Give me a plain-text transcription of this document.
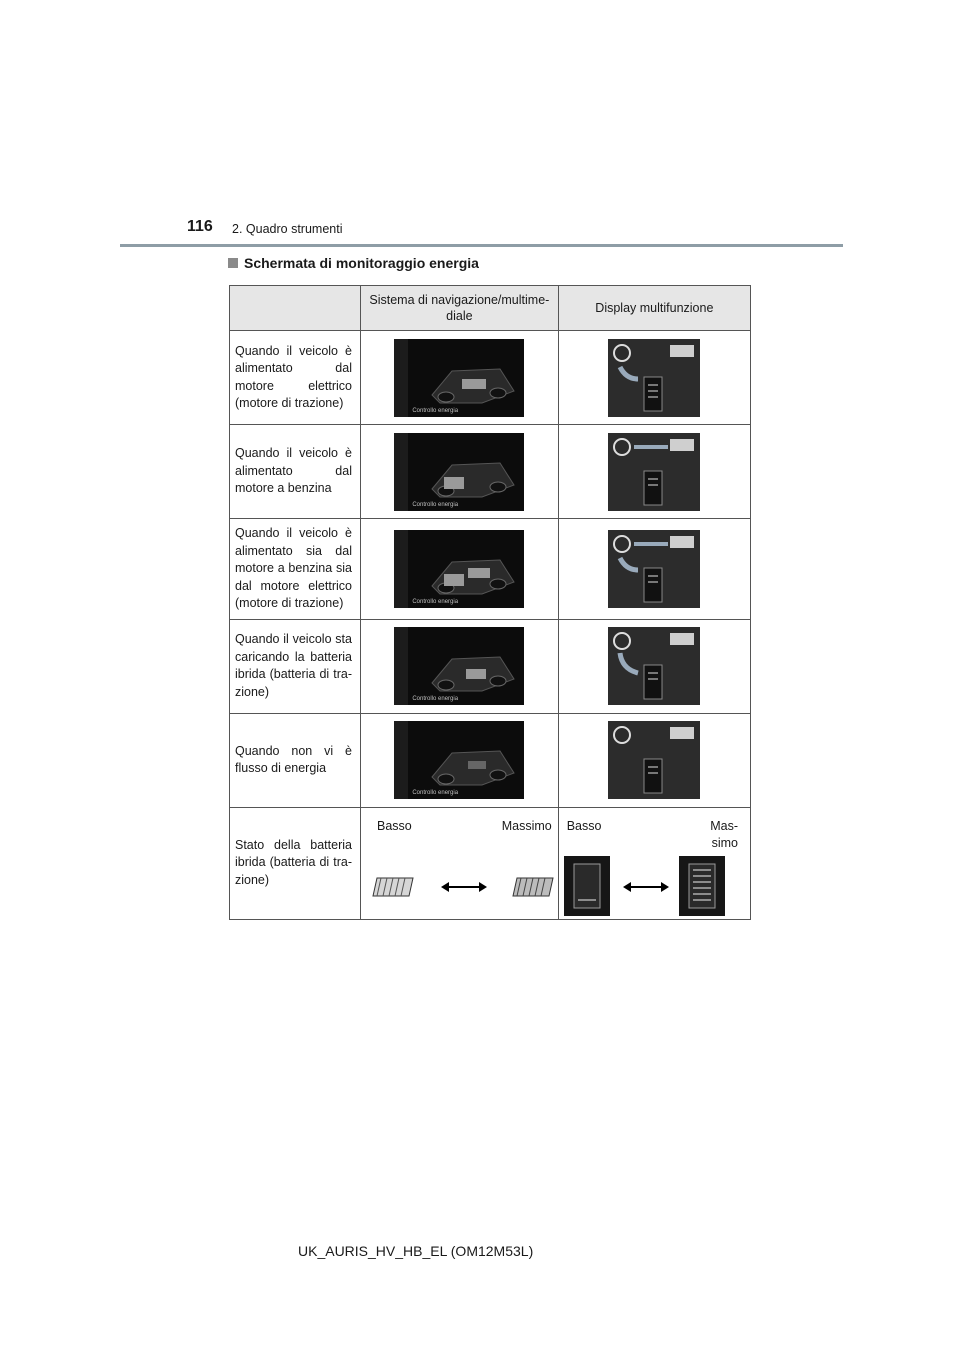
116 2. Quadro strumenti
Schermata di monitoraggio energia
	Sistema di navigazione/multime-diale	Display multifunzione
Quando il veicolo è alimentato dal motore elettrico (motore di trazione)	Controllo energia

Quando il veicolo è alimentato dal motore a benzina	Controllo energia

Quando il veicolo è alimentato sia dal motore a benzina sia dal motore elettrico (motore di trazione)	Controllo energia

Quando il veicolo sta caricando la batteria ibrida (batteria di tra-zione)	Controllo energia

Quando non vi è flusso di energia	Controllo energia

Stato della batteria ibrida (batteria di tra-zione)	Basso Massimo	Basso Mas-simo
UK_AURIS_HV_HB_EL (OM12M53L)
